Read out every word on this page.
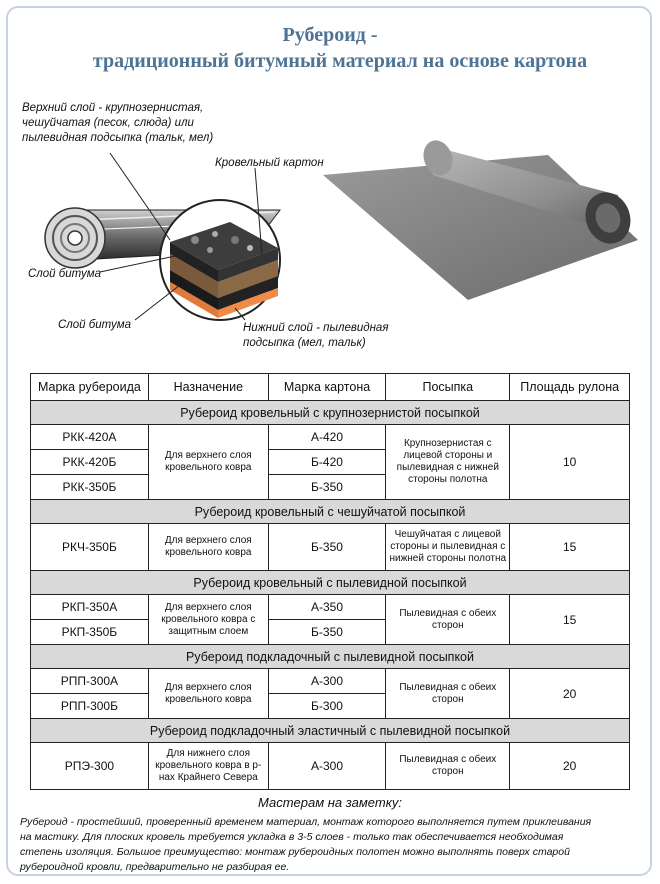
Рубероид -
традиционный битумный материал на основе картона
Верхний слой - крупнозернистая,
чешуйчатая (песок, слюда) или
пылевидная подсыпка (тальк, мел)
Кровельный картон
Слой битума
Слой битума	Нижний слой - пылевидная
подсыпка (мел, тальк)
Марка рубероида	Назначение	Марка картона	Посыпка	Площадь рулона
Рубероид кровельный с крупнозернистой посыпкой				
РКК-420А	Для верхнего слоя кровельного ковра	А-420	Крупнозернистая с лицевой стороны и пылевидная с нижней стороны полотна	10
РКК-420Б		Б-420		
РКК-350Б		Б-350		
Рубероид кровельный с чешуйчатой посыпкой				
РКЧ-350Б	Для верхнего слоя кровельного ковра	Б-350	Чешуйчатая с лицевой стороны и пылевидная с нижней стороны полотна	15
Рубероид кровельный с пылевидной посыпкой				
РКП-350А	Для верхнего слоя кровельного ковра с защитным слоем	А-350	Пылевидная с обеих сторон	15
РКП-350Б		Б-350		
Рубероид подкладочный с пылевидной посыпкой				
РПП-300А	Для верхнего слоя кровельного ковра	А-300	Пылевидная с обеих сторон	20
РПП-300Б		Б-300		
Рубероид подкладочный эластичный с пылевидной посыпкой				
РПЭ-300	Для нижнего слоя кровельного ковра в р-нах Крайнего Севера	А-300	Пылевидная с обеих сторон	20
Мастерам на заметку:
Рубероид - простейший, проверенный временем материал, монтаж которого выполняется путем приклеивания
на мастику. Для плоских кровель требуется укладка в 3-5 слоев - только так обеспечивается необходимая
степень изоляция. Большое преимущество: монтаж рубероидных полотен можно выполнять поверх старой
рубероидной кровли, предварительно не разбирая ее.
